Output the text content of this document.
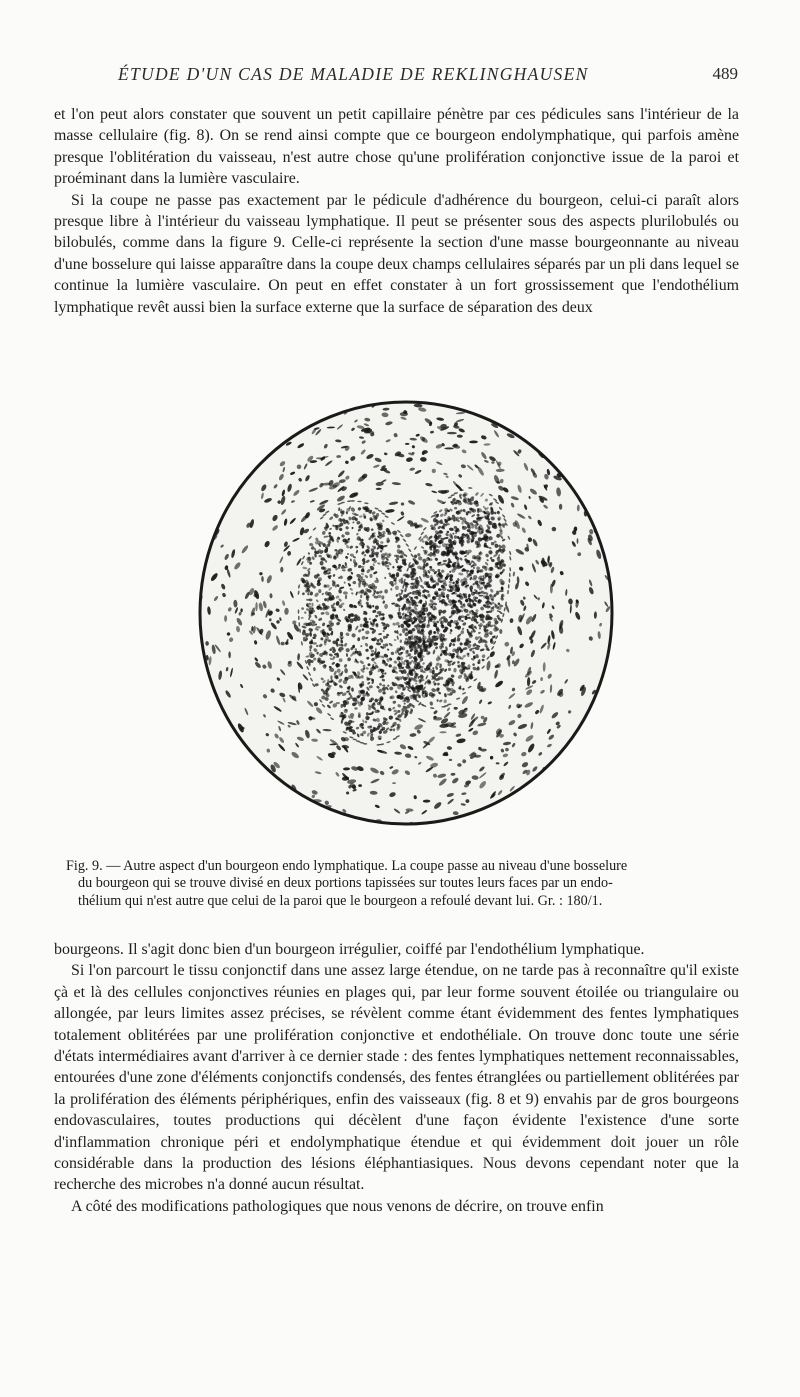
ÉTUDE D'UN CAS DE MALADIE DE REKLINGHAUSEN	489

et l'on peut alors constater que souvent un petit capillaire pénètre par ces pédicules sans l'intérieur de la masse cellulaire (fig. 8). On se rend ainsi compte que ce bourgeon endolymphatique, qui parfois amène presque l'oblitération du vaisseau, n'est autre chose qu'une prolifération conjonctive issue de la paroi et proéminant dans la lumière vasculaire.

Si la coupe ne passe pas exactement par le pédicule d'adhérence du bourgeon, celui-ci paraît alors presque libre à l'intérieur du vaisseau lymphatique. Il peut se présenter sous des aspects plurilobulés ou bilobulés, comme dans la figure 9. Celle-ci représente la section d'une masse bourgeonnante au niveau d'une bosselure qui laisse apparaître dans la coupe deux champs cellulaires séparés par un pli dans lequel se continue la lumière vasculaire. On peut en effet constater à un fort grossissement que l'endothélium lymphatique revêt aussi bien la surface externe que la surface de séparation des deux

Fig. 9. — Autre aspect d'un bourgeon endo lymphatique. La coupe passe au niveau d'une bosselure
du bourgeon qui se trouve divisé en deux portions tapissées sur toutes leurs faces par un endo-
thélium qui n'est autre que celui de la paroi que le bourgeon a refoulé devant lui. Gr. : 180/1.

bourgeons. Il s'agit donc bien d'un bourgeon irrégulier, coiffé par l'endothélium lymphatique.

Si l'on parcourt le tissu conjonctif dans une assez large étendue, on ne tarde pas à reconnaître qu'il existe çà et là des cellules conjonctives réunies en plages qui, par leur forme souvent étoilée ou triangulaire ou allongée, par leurs limites assez précises, se révèlent comme étant évidemment des fentes lymphatiques totalement oblitérées par une prolifération conjonctive et endothéliale. On trouve donc toute une série d'états intermédiaires avant d'arriver à ce dernier stade : des fentes lymphatiques nettement reconnaissables, entourées d'une zone d'éléments conjonctifs condensés, des fentes étranglées ou partiellement oblitérées par la prolifération des éléments périphériques, enfin des vaisseaux (fig. 8 et 9) envahis par de gros bourgeons endovasculaires, toutes productions qui décèlent d'une façon évidente l'existence d'une sorte d'inflammation chronique péri et endolymphatique étendue et qui évidemment doit jouer un rôle considérable dans la production des lésions éléphantiasiques. Nous devons cependant noter que la recherche des microbes n'a donné aucun résultat.

A côté des modifications pathologiques que nous venons de décrire, on trouve enfin
